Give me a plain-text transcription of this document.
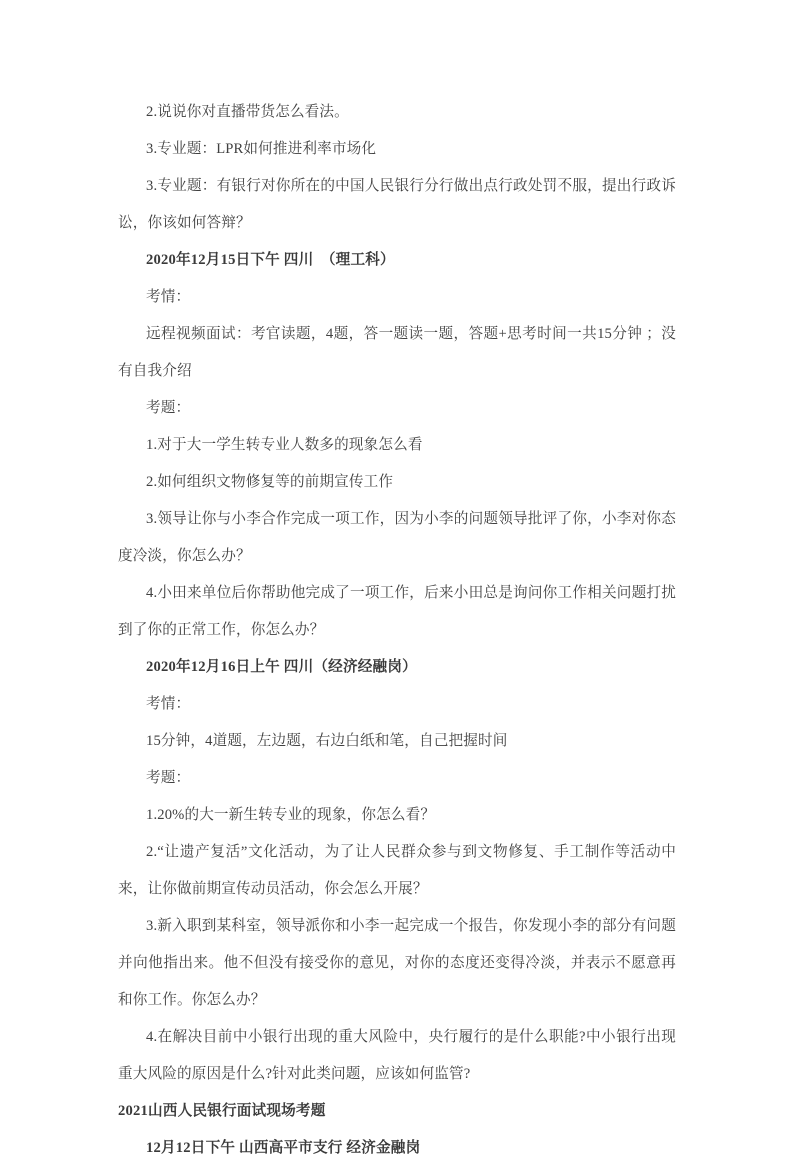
2.说说你对直播带货怎么看法。

3.专业题：LPR如何推进利率市场化

3.专业题：有银行对你所在的中国人民银行分行做出点行政处罚不服，提出行政诉讼，你该如何答辩？

2020年12月15日下午 四川　（理工科）

考情：

远程视频面试：考官读题，4题，答一题读一题，答题+思考时间一共15分钟 ；没有自我介绍

考题：

1.对于大一学生转专业人数多的现象怎么看

2.如何组织文物修复等的前期宣传工作

3.领导让你与小李合作完成一项工作，因为小李的问题领导批评了你，小李对你态度冷淡，你怎么办？

4.小田来单位后你帮助他完成了一项工作，后来小田总是询问你工作相关问题打扰到了你的正常工作，你怎么办？

2020年12月16日上午 四川（经济经融岗）

考情：

15分钟，4道题，左边题，右边白纸和笔，自己把握时间

考题：

1.20%的大一新生转专业的现象，你怎么看？

2.“让遗产复活”文化活动，为了让人民群众参与到文物修复、手工制作等活动中来，让你做前期宣传动员活动，你会怎么开展？

3.新入职到某科室，领导派你和小李一起完成一个报告，你发现小李的部分有问题并向他指出来。他不但没有接受你的意见，对你的态度还变得冷淡，并表示不愿意再和你工作。你怎么办？

4.在解决目前中小银行出现的重大风险中，央行履行的是什么职能?中小银行出现重大风险的原因是什么?针对此类问题，应该如何监管?

2021山西人民银行面试现场考题

12月12日下午 山西高平市支行 经济金融岗
